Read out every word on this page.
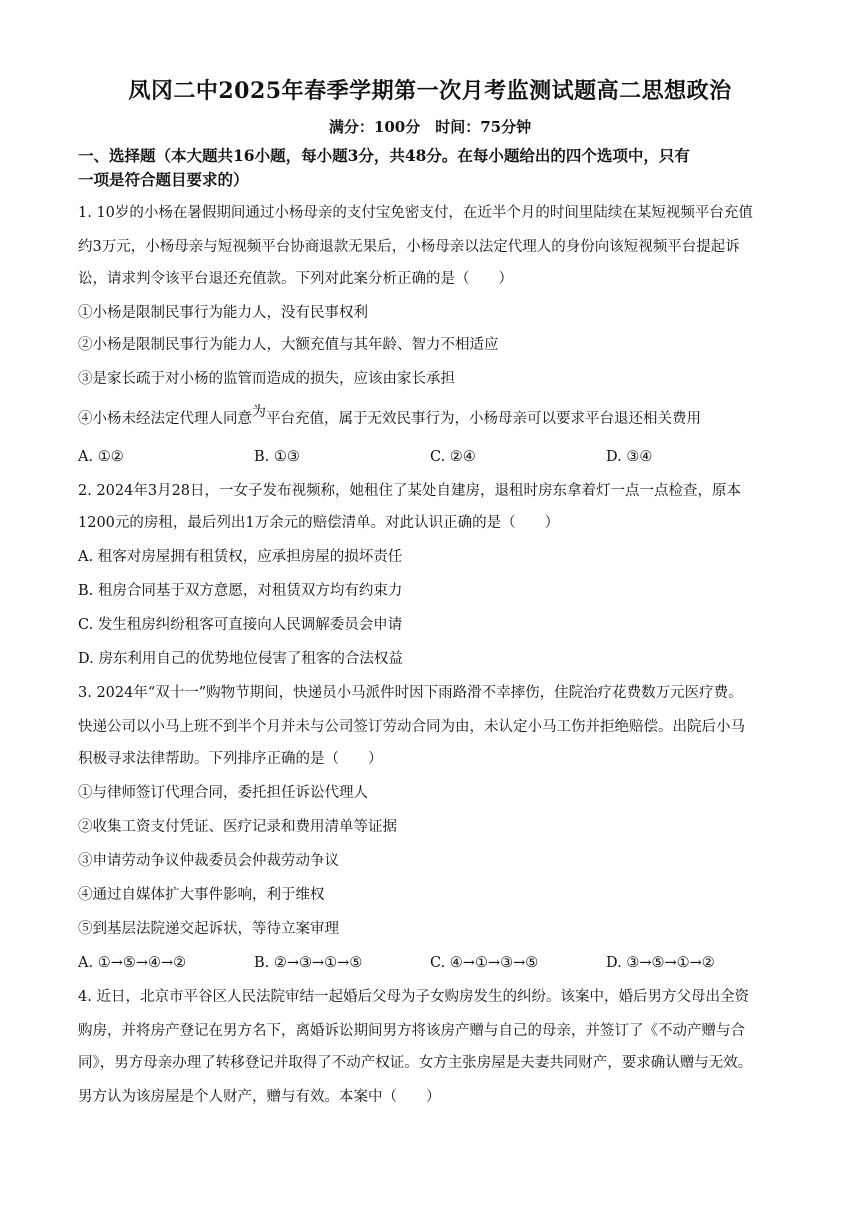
凤冈二中2025年春季学期第一次月考监测试题高二思想政治
满分：100分　时间：75分钟
一、选择题（本大题共16小题，每小题3分，共48分。在每小题给出的四个选项中，只有
一项是符合题目要求的）
1. 10岁的小杨在暑假期间通过小杨母亲的支付宝免密支付，在近半个月的时间里陆续在某短视频平台充值
约3万元，小杨母亲与短视频平台协商退款无果后，小杨母亲以法定代理人的身份向该短视频平台提起诉
讼，请求判令该平台退还充值款。下列对此案分析正确的是（　　）
①小杨是限制民事行为能力人，没有民事权利
②小杨是限制民事行为能力人，大额充值与其年龄、智力不相适应
③是家长疏于对小杨的监管而造成的损失，应该由家长承担
④小杨未经法定代理人同意为平台充值，属于无效民事行为，小杨母亲可以要求平台退还相关费用
A. ①②	B. ①③	C. ②④	D. ③④
2. 2024年3月28日，一女子发布视频称，她租住了某处自建房，退租时房东拿着灯一点一点检查，原本
1200元的房租，最后列出1万余元的赔偿清单。对此认识正确的是（　　）
A. 租客对房屋拥有租赁权，应承担房屋的损坏责任
B. 租房合同基于双方意愿，对租赁双方均有约束力
C. 发生租房纠纷租客可直接向人民调解委员会申请
D. 房东利用自己的优势地位侵害了租客的合法权益
3. 2024年“双十一”购物节期间，快递员小马派件时因下雨路滑不幸摔伤，住院治疗花费数万元医疗费。
快递公司以小马上班不到半个月并未与公司签订劳动合同为由，未认定小马工伤并拒绝赔偿。出院后小马
积极寻求法律帮助。下列排序正确的是（　　）
①与律师签订代理合同，委托担任诉讼代理人
②收集工资支付凭证、医疗记录和费用清单等证据
③申请劳动争议仲裁委员会仲裁劳动争议
④通过自媒体扩大事件影响，利于维权
⑤到基层法院递交起诉状，等待立案审理
A. ①→⑤→④→②	B. ②→③→①→⑤	C. ④→①→③→⑤	D. ③→⑤→①→②
4. 近日，北京市平谷区人民法院审结一起婚后父母为子女购房发生的纠纷。该案中，婚后男方父母出全资
购房，并将房产登记在男方名下，离婚诉讼期间男方将该房产赠与自己的母亲，并签订了《不动产赠与合
同》，男方母亲办理了转移登记并取得了不动产权证。女方主张房屋是夫妻共同财产，要求确认赠与无效。
男方认为该房屋是个人财产，赠与有效。本案中（　　）
